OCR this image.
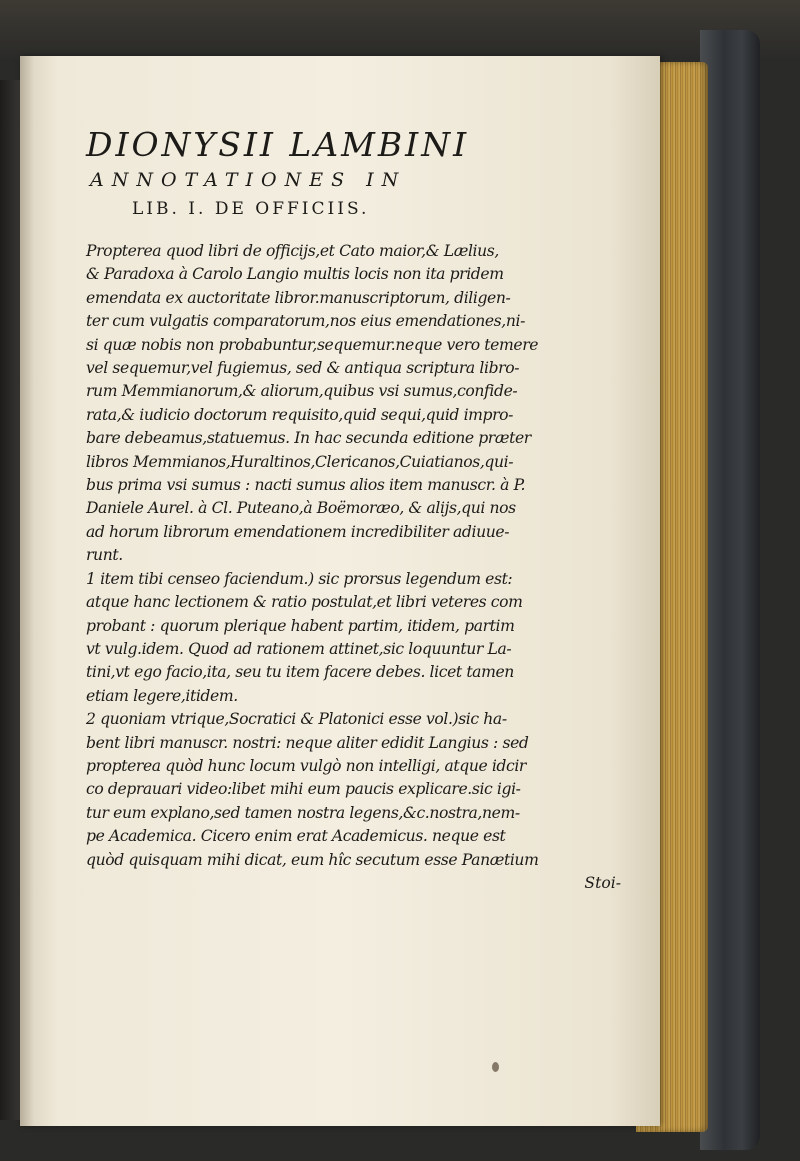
DIONYSII LAMBINI
ANNOTATIONES IN
LIB. I. DE OFFICIIS.
Propterea quod libri de officijs,et Cato maior,& Lælius,
& Paradoxa à Carolo Langio multis locis non ita pridem
emendata ex auctoritate libror.manuscriptorum, diligen-
ter cum vulgatis comparatorum,nos eius emendationes,ni-
si quæ nobis non probabuntur,sequemur.neque vero temere
vel sequemur,vel fugiemus, sed & antiqua scriptura libro-
rum Memmianorum,& aliorum,quibus vsi sumus,confide-
rata,& iudicio doctorum requisito,quid sequi,quid impro-
bare debeamus,statuemus. In hac secunda editione præter
libros Memmianos,Huraltinos,Clericanos,Cuiatianos,qui-
bus prima vsi sumus : nacti sumus alios item manuscr. à P.
Daniele Aurel. à Cl. Puteano,à Boëmoræo, & alijs,qui nos
ad horum librorum emendationem incredibiliter adiuue-
runt.
1 item tibi censeo faciendum.) sic prorsus legendum est:
atque hanc lectionem & ratio postulat,et libri veteres com
probant : quorum plerique habent partim, itidem, partim
vt vulg.idem. Quod ad rationem attinet,sic loquuntur La-
tini,vt ego facio,ita, seu tu item facere debes. licet tamen
etiam legere,itidem.
2 quoniam vtrique,Socratici & Platonici esse vol.)sic ha-
bent libri manuscr. nostri: neque aliter edidit Langius : sed
propterea quòd hunc locum vulgò non intelligi, atque idcir
co deprauari video:libet mihi eum paucis explicare.sic igi-
tur eum explano,sed tamen nostra legens,&c.nostra,nem-
pe Academica. Cicero enim erat Academicus. neque est
quòd quisquam mihi dicat, eum hîc secutum esse Panætium
Stoi-
